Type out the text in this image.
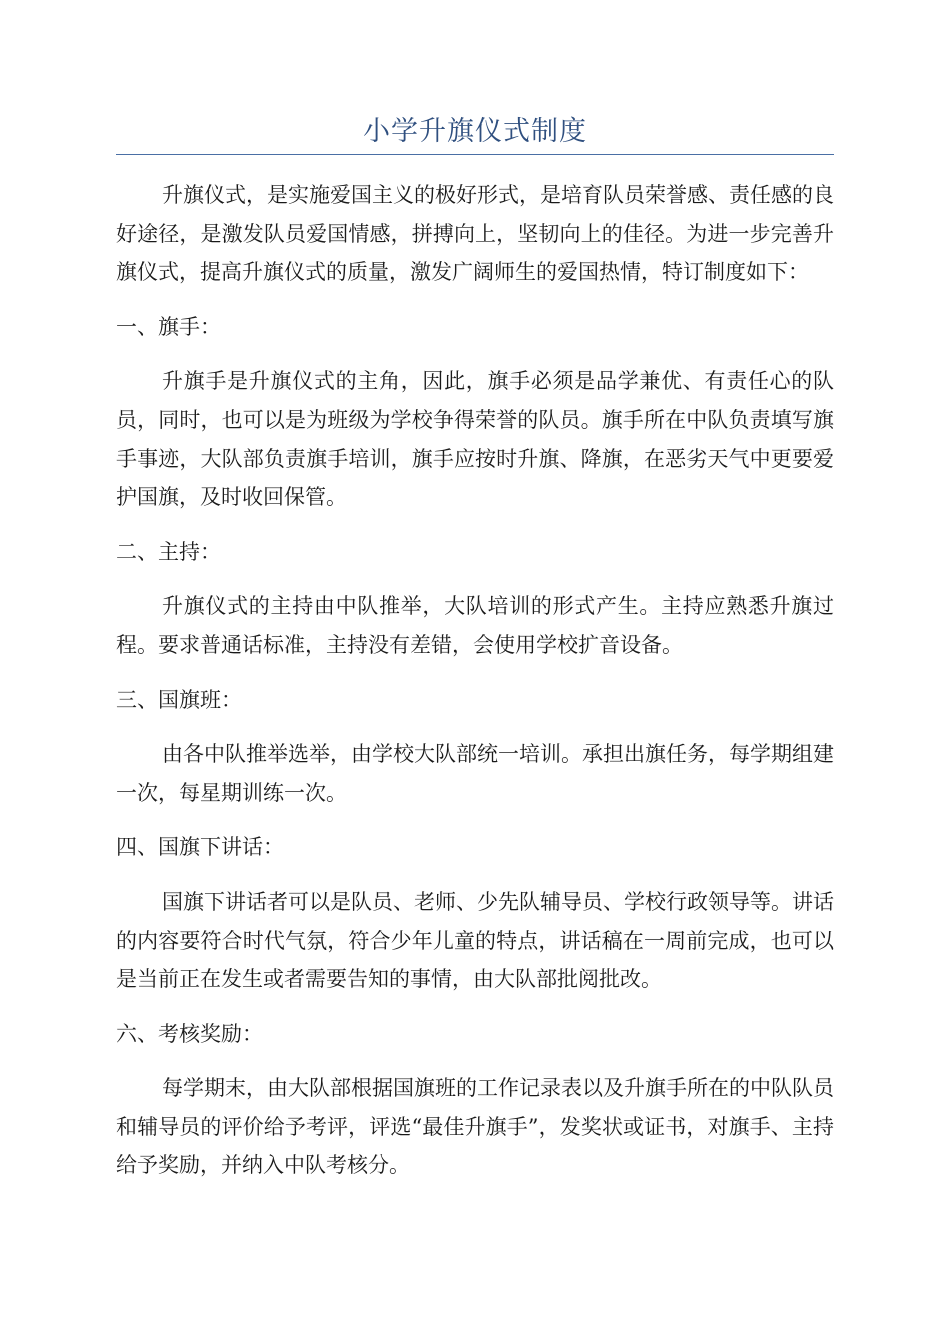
小学升旗仪式制度

升旗仪式，是实施爱国主义的极好形式，是培育队员荣誉感、责任感的良好途径，是激发队员爱国情感，拼搏向上，坚韧向上的佳径。为进一步完善升旗仪式，提高升旗仪式的质量，激发广阔师生的爱国热情，特订制度如下：

一、旗手：

升旗手是升旗仪式的主角，因此，旗手必须是品学兼优、有责任心的队员，同时，也可以是为班级为学校争得荣誉的队员。旗手所在中队负责填写旗手事迹，大队部负责旗手培训，旗手应按时升旗、降旗，在恶劣天气中更要爱护国旗，及时收回保管。

二、主持：

升旗仪式的主持由中队推举，大队培训的形式产生。主持应熟悉升旗过程。要求普通话标准，主持没有差错，会使用学校扩音设备。

三、国旗班：

由各中队推举选举，由学校大队部统一培训。承担出旗任务，每学期组建一次，每星期训练一次。

四、国旗下讲话：

国旗下讲话者可以是队员、老师、少先队辅导员、学校行政领导等。讲话的内容要符合时代气氛，符合少年儿童的特点，讲话稿在一周前完成，也可以是当前正在发生或者需要告知的事情，由大队部批阅批改。

六、考核奖励：

每学期末，由大队部根据国旗班的工作记录表以及升旗手所在的中队队员和辅导员的评价给予考评，评选“最佳升旗手”，发奖状或证书，对旗手、主持给予奖励，并纳入中队考核分。
